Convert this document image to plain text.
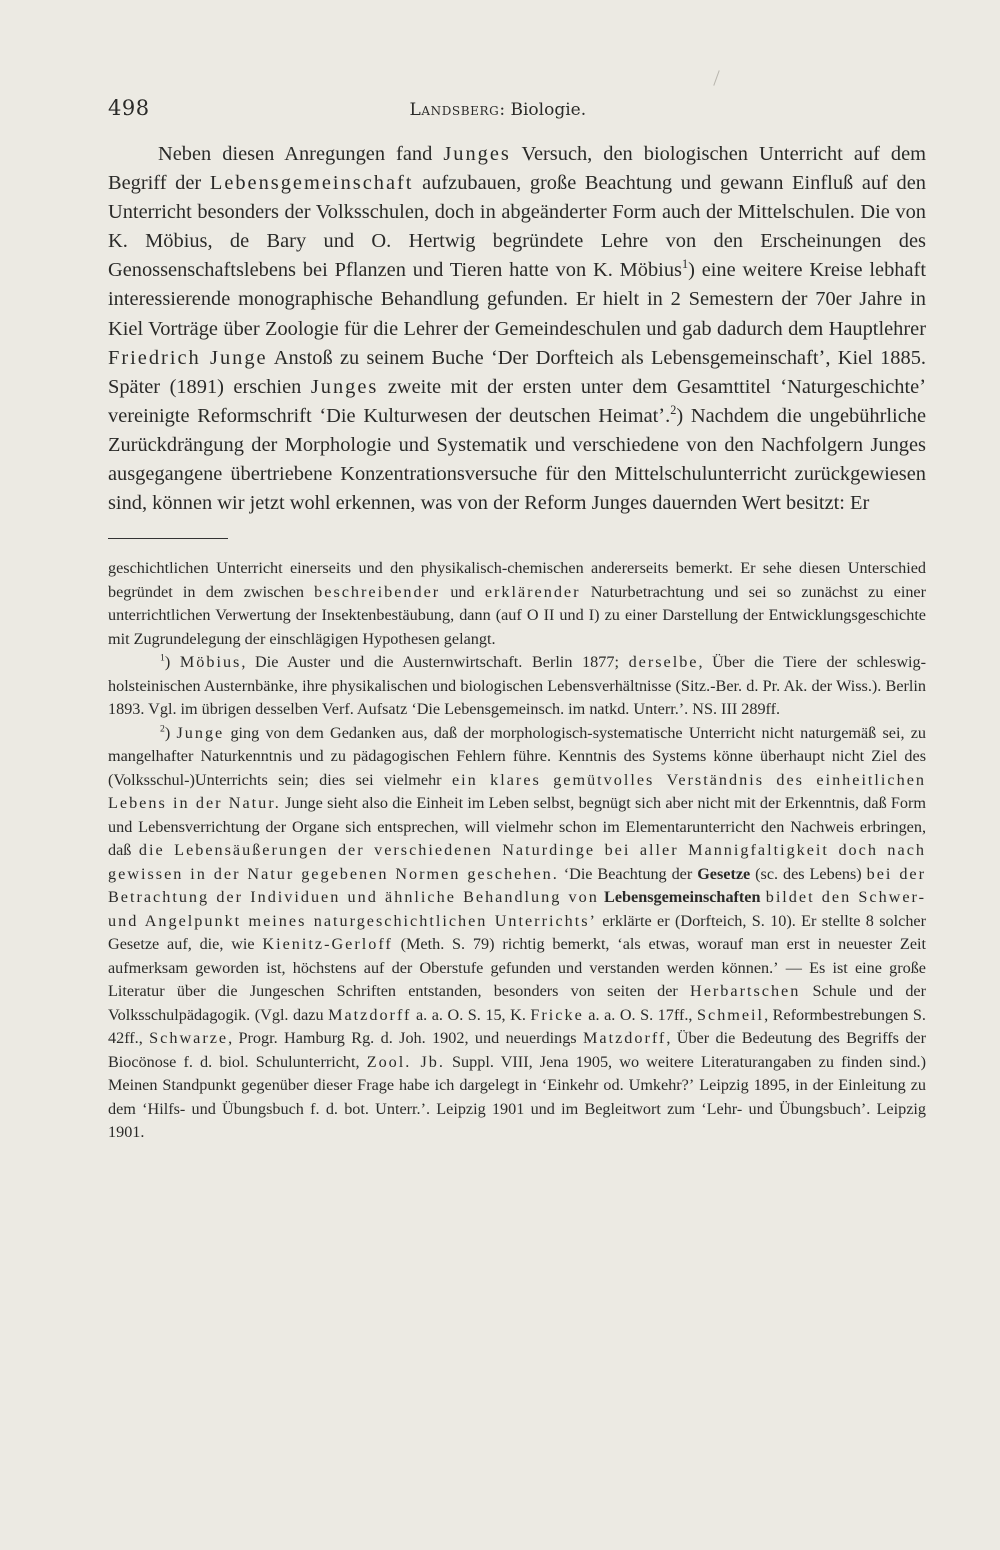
498	Landsberg: Biologie.

Neben diesen Anregungen fand Junges Versuch, den biologischen Unterricht auf dem Begriff der Lebensgemeinschaft aufzubauen, große Beachtung und gewann Einfluß auf den Unterricht besonders der Volksschulen, doch in abgeänderter Form auch der Mittelschulen. Die von K. Möbius, de Bary und O. Hertwig begründete Lehre von den Erscheinungen des Genossenschaftslebens bei Pflanzen und Tieren hatte von K. Möbius$^1$) eine weitere Kreise lebhaft interessierende monographische Behandlung gefunden. Er hielt in 2 Semestern der 70er Jahre in Kiel Vorträge über Zoologie für die Lehrer der Gemeindeschulen und gab dadurch dem Hauptlehrer Friedrich Junge Anstoß zu seinem Buche ʻDer Dorfteich als Lebensgemeinschaftʼ, Kiel 1885. Später (1891) erschien Junges zweite mit der ersten unter dem Gesamttitel ʻNaturgeschichteʼ vereinigte Reformschrift ʻDie Kulturwesen der deutschen Heimatʼ.$^2$) Nachdem die ungebührliche Zurückdrängung der Morphologie und Systematik und verschiedene von den Nachfolgern Junges ausgegangene übertriebene Konzentrationsversuche für den Mittelschulunterricht zurückgewiesen sind, können wir jetzt wohl erkennen, was von der Reform Junges dauernden Wert besitzt: Er

geschichtlichen Unterricht einerseits und den physikalisch-chemischen andererseits bemerkt. Er sehe diesen Unterschied begründet in dem zwischen beschreibender und erklärender Naturbetrachtung und sei so zunächst zu einer unterrichtlichen Verwertung der Insektenbestäubung, dann (auf O II und I) zu einer Darstellung der Entwicklungsgeschichte mit Zugrundelegung der einschlägigen Hypothesen gelangt.

$^1$) Möbius, Die Auster und die Austernwirtschaft. Berlin 1877; derselbe, Über die Tiere der schleswig-holsteinischen Austernbänke, ihre physikalischen und biologischen Lebensverhältnisse (Sitz.-Ber. d. Pr. Ak. der Wiss.). Berlin 1893. Vgl. im übrigen desselben Verf. Aufsatz ʻDie Lebensgemeinsch. im natkd. Unterr.ʼ. NS. III 289ff.

$^2$) Junge ging von dem Gedanken aus, daß der morphologisch-systematische Unterricht nicht naturgemäß sei, zu mangelhafter Naturkenntnis und zu pädagogischen Fehlern führe. Kenntnis des Systems könne überhaupt nicht Ziel des (Volksschul-)Unterrichts sein; dies sei vielmehr ein klares gemütvolles Verständnis des einheitlichen Lebens in der Natur. Junge sieht also die Einheit im Leben selbst, begnügt sich aber nicht mit der Erkenntnis, daß Form und Lebensverrichtung der Organe sich entsprechen, will vielmehr schon im Elementarunterricht den Nachweis erbringen, daß die Lebensäußerungen der verschiedenen Naturdinge bei aller Mannigfaltigkeit doch nach gewissen in der Natur gegebenen Normen geschehen. ʻDie Beachtung der Gesetze (sc. des Lebens) bei der Betrachtung der Individuen und ähnliche Behandlung von Lebensgemeinschaften bildet den Schwer- und Angelpunkt meines naturgeschichtlichen Unterrichtsʼ erklärte er (Dorfteich, S. 10). Er stellte 8 solcher Gesetze auf, die, wie Kienitz-Gerloff (Meth. S. 79) richtig bemerkt, ʻals etwas, worauf man erst in neuester Zeit aufmerksam geworden ist, höchstens auf der Oberstufe gefunden und verstanden werden können.ʼ — Es ist eine große Literatur über die Jungeschen Schriften entstanden, besonders von seiten der Herbartschen Schule und der Volksschulpädagogik. (Vgl. dazu Matzdorff a. a. O. S. 15, K. Fricke a. a. O. S. 17ff., Schmeil, Reformbestrebungen S. 42ff., Schwarze, Progr. Hamburg Rg. d. Joh. 1902, und neuerdings Matzdorff, Über die Bedeutung des Begriffs der Biocönose f. d. biol. Schulunterricht, Zool. Jb. Suppl. VIII, Jena 1905, wo weitere Literaturangaben zu finden sind.) Meinen Standpunkt gegenüber dieser Frage habe ich dargelegt in ʻEinkehr od. Umkehr?ʼ Leipzig 1895, in der Einleitung zu dem ʻHilfs- und Übungsbuch f. d. bot. Unterr.ʼ. Leipzig 1901 und im Begleitwort zum ʻLehr- und Übungsbuchʼ. Leipzig 1901.
